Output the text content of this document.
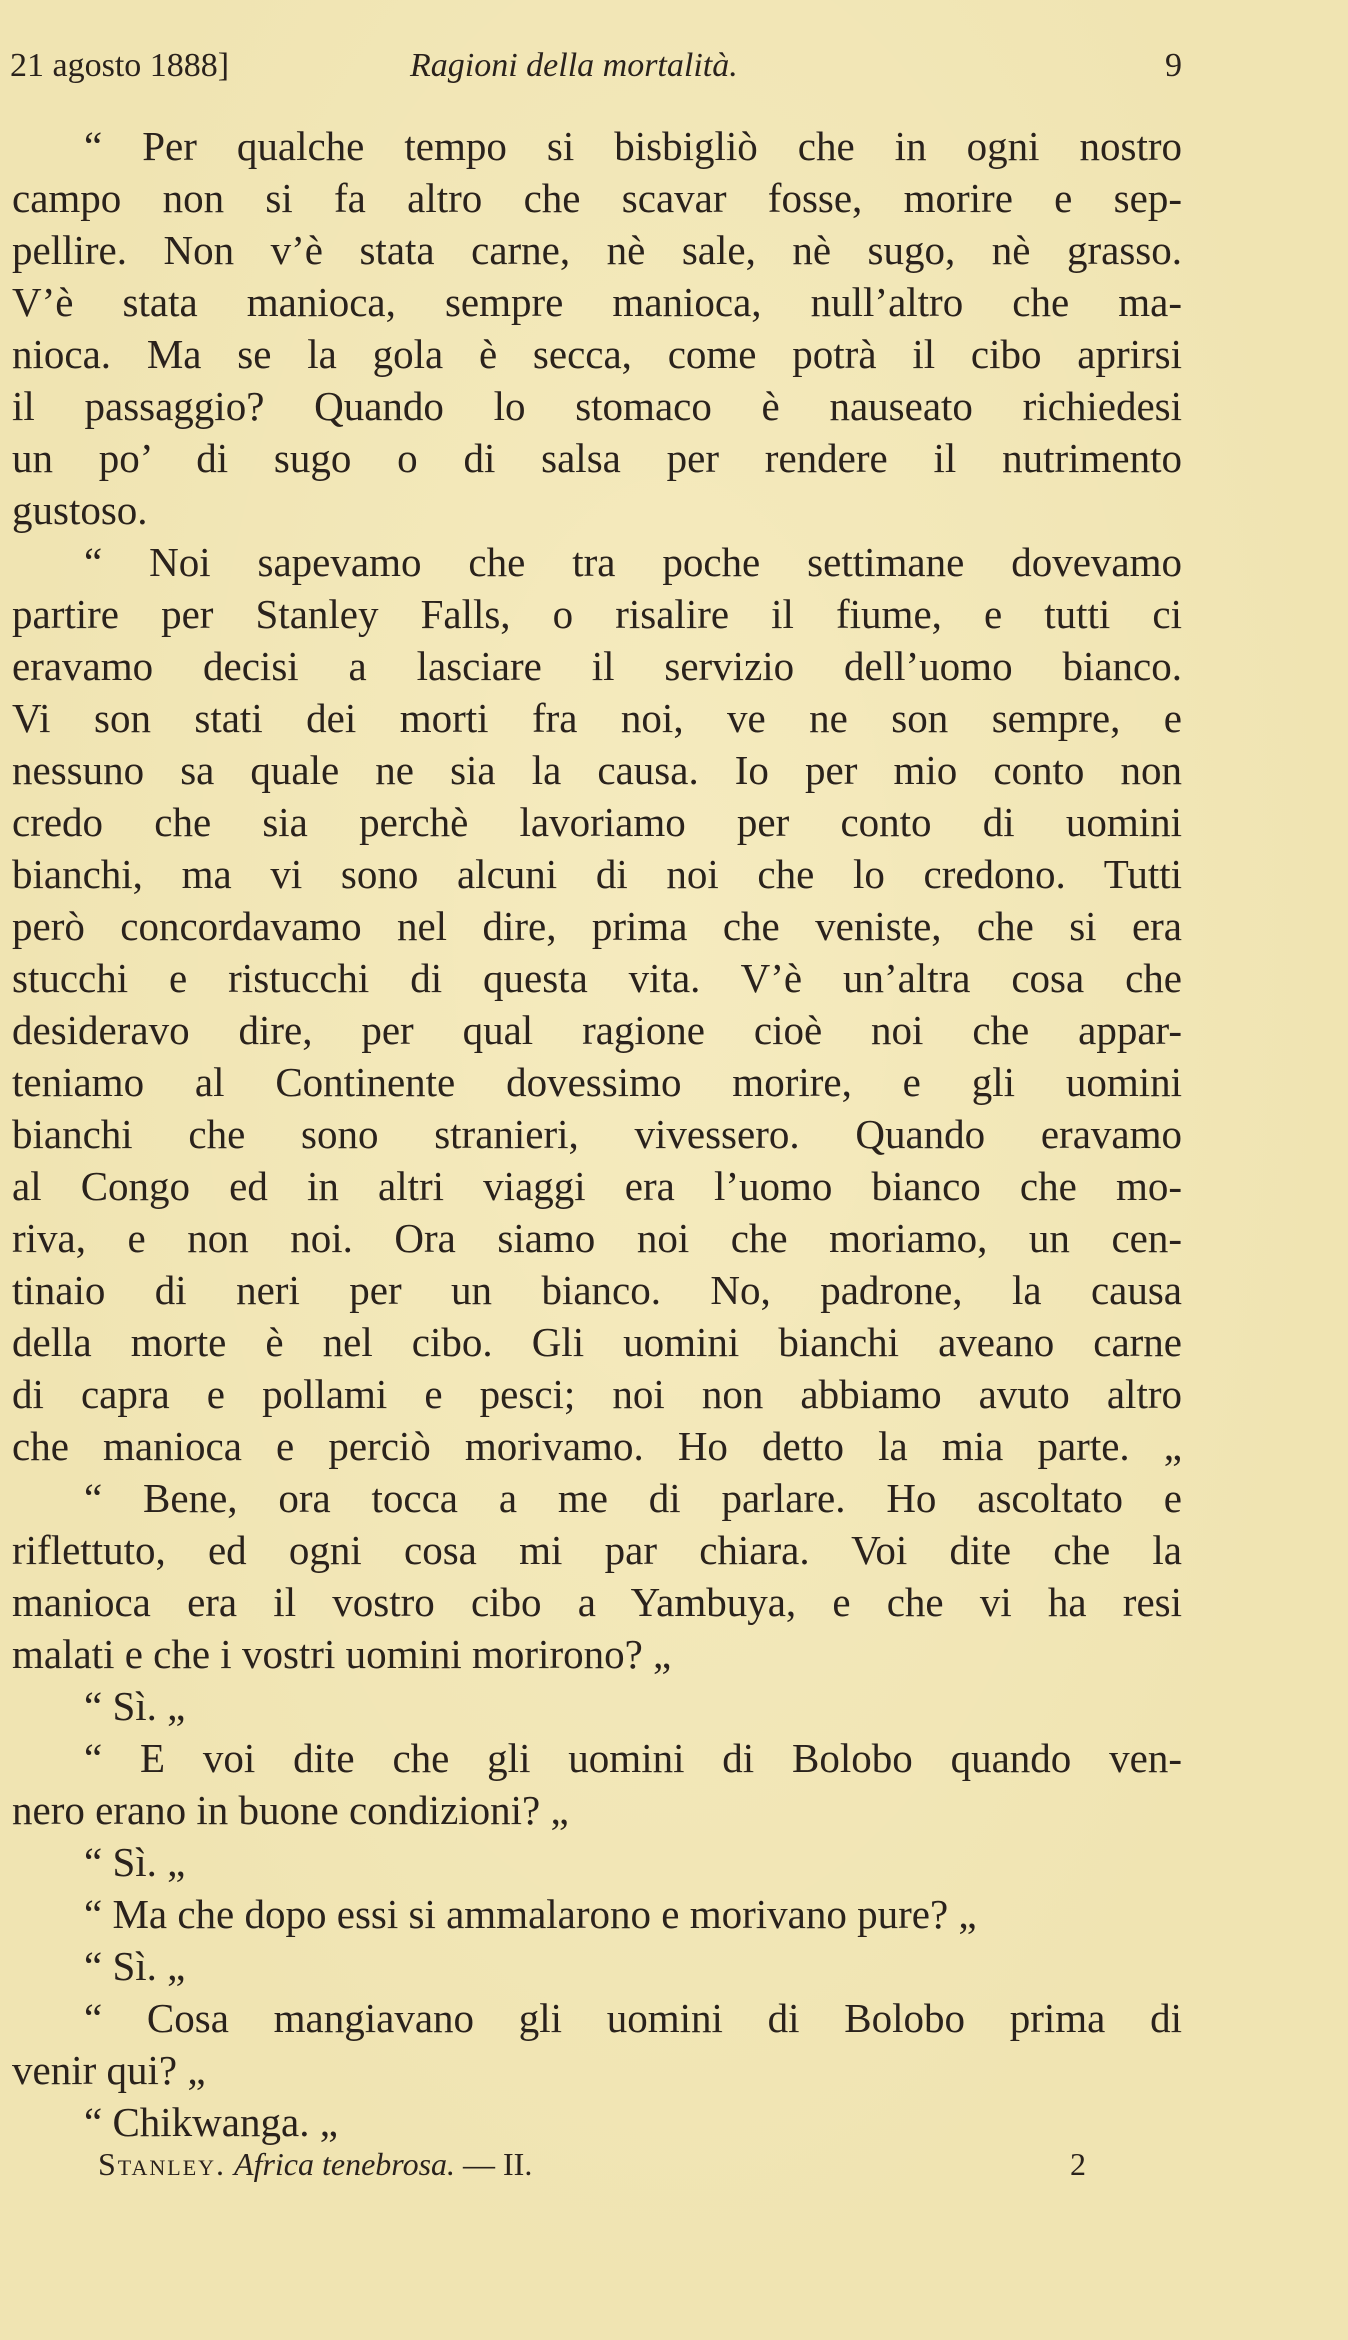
21 agosto 1888]	Ragioni della mortalità.	9
“ Per qualche tempo si bisbigliò che in ogni nostro
campo non si fa altro che scavar fosse, morire e sep-
pellire. Non v’è stata carne, nè sale, nè sugo, nè grasso.
V’è stata manioca, sempre manioca, null’altro che ma-
nioca. Ma se la gola è secca, come potrà il cibo aprirsi
il passaggio? Quando lo stomaco è nauseato richiedesi
un po’ di sugo o di salsa per rendere il nutrimento
gustoso.
“ Noi sapevamo che tra poche settimane dovevamo
partire per Stanley Falls, o risalire il fiume, e tutti ci
eravamo decisi a lasciare il servizio dell’uomo bianco.
Vi son stati dei morti fra noi, ve ne son sempre, e
nessuno sa quale ne sia la causa. Io per mio conto non
credo che sia perchè lavoriamo per conto di uomini
bianchi, ma vi sono alcuni di noi che lo credono. Tutti
però concordavamo nel dire, prima che veniste, che si era
stucchi e ristucchi di questa vita. V’è un’altra cosa che
desideravo dire, per qual ragione cioè noi che appar-
teniamo al Continente dovessimo morire, e gli uomini
bianchi che sono stranieri, vivessero. Quando eravamo
al Congo ed in altri viaggi era l’uomo bianco che mo-
riva, e non noi. Ora siamo noi che moriamo, un cen-
tinaio di neri per un bianco. No, padrone, la causa
della morte è nel cibo. Gli uomini bianchi aveano carne
di capra e pollami e pesci; noi non abbiamo avuto altro
che manioca e perciò morivamo. Ho detto la mia parte. „
“ Bene, ora tocca a me di parlare. Ho ascoltato e
riflettuto, ed ogni cosa mi par chiara. Voi dite che la
manioca era il vostro cibo a Yambuya, e che vi ha resi
malati e che i vostri uomini morirono? „
“ Sì. „
“ E voi dite che gli uomini di Bolobo quando ven-
nero erano in buone condizioni? „
“ Sì. „
“ Ma che dopo essi si ammalarono e morivano pure? „
“ Sì. „
“ Cosa mangiavano gli uomini di Bolobo prima di
venir qui? „
“ Chikwanga. „
Stanley. Africa tenebrosa. — II.	2
